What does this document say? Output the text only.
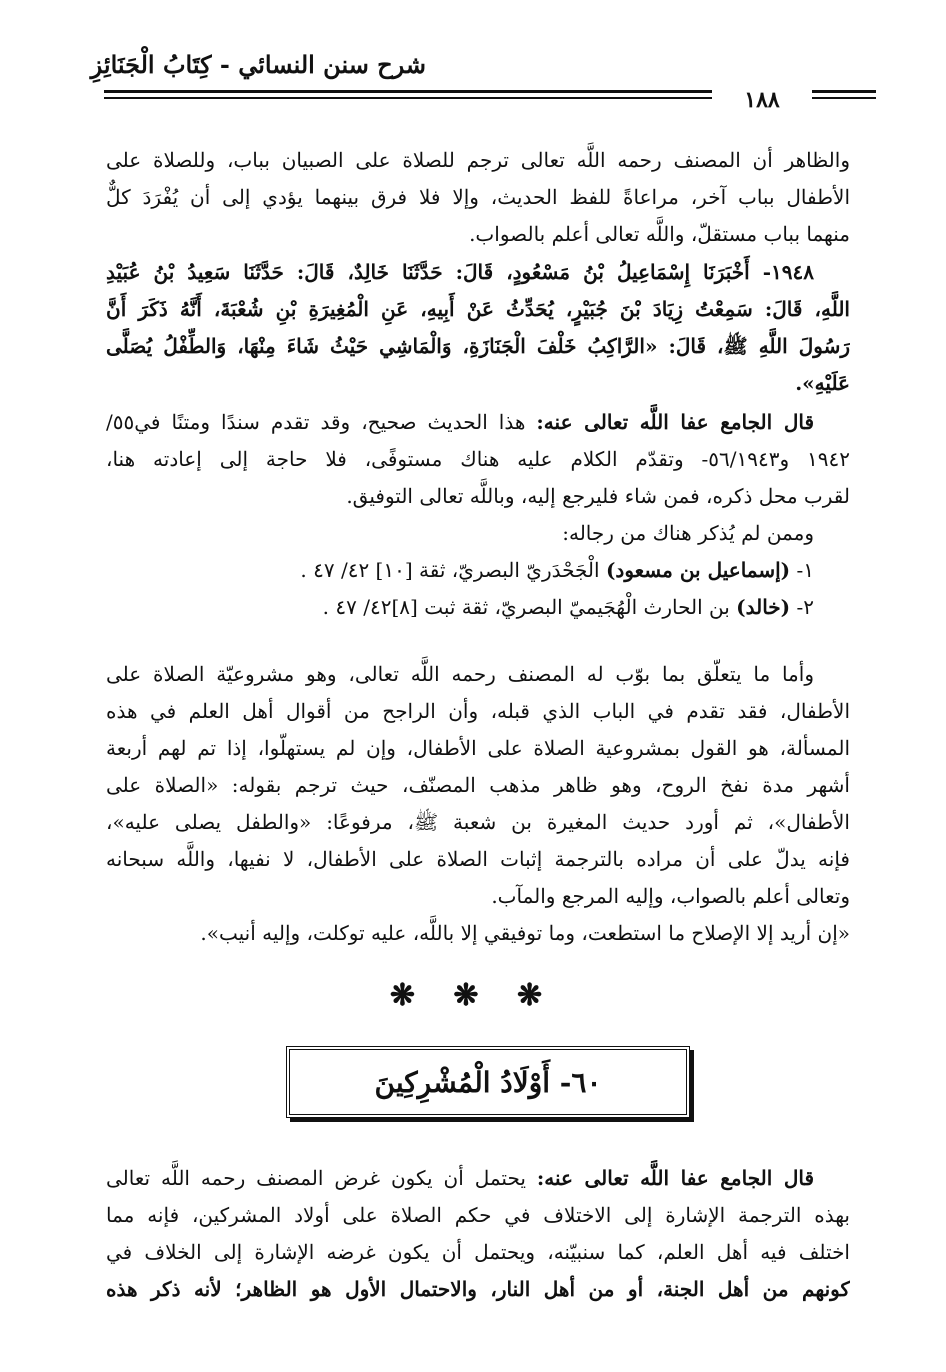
شرح سنن النسائي - كِتَابُ الْجَنَائِزِ
١٨٨
والظاهر أن المصنف رحمه اللَّه تعالى ترجم للصلاة على الصبيان بباب، وللصلاة على
الأطفال بباب آخر، مراعاةً للفظ الحديث، وإلا فلا فرق بينهما يؤدي إلى أن يُفْرَدَ كلٌّ
منهما بباب مستقلّ، واللَّه تعالى أعلم بالصواب.
١٩٤٨- أَخْبَرَنَا إِسْمَاعِيلُ بْنُ مَسْعُودٍ، قَالَ: حَدَّثَنَا خَالِدٌ، قَالَ: حَدَّثَنَا سَعِيدُ بْنُ عُبَيْدِ
اللَّهِ، قَالَ: سَمِعْتُ زِيَادَ بْنَ جُبَيْرٍ، يُحَدِّثُ عَنْ أَبِيهِ، عَنِ الْمُغِيرَةِ بْنِ شُعْبَةَ، أَنَّهُ ذَكَرَ أَنَّ
رَسُولَ اللَّهِ ﷺ، قَالَ: «الرَّاكِبُ خَلْفَ الْجَنَازَةِ، وَالْمَاشِي حَيْثُ شَاءَ مِنْهَا، وَالطِّفْلُ يُصَلَّى
عَلَيْهِ».
قال الجامع عفا اللَّه تعالى عنه: هذا الحديث صحيح، وقد تقدم سندًا ومتنًا في٥٥/
١٩٤٢ و٥٦/١٩٤٣- وتقدّم الكلام عليه هناك مستوفًى، فلا حاجة إلى إعادته هنا،
لقرب محل ذكره، فمن شاء فليرجع إليه، وباللَّه تعالى التوفيق.
وممن لم يُذكر هناك من رجاله:
١- (إسماعيل بن مسعود) الْجَحْدَريّ البصريّ، ثقة [١٠] ٤٢/ ٤٧ .
٢- (خالد) بن الحارث الْهُجَيميّ البصريّ، ثقة ثبت [٨]٤٢/ ٤٧ .
وأما ما يتعلّق بما بوّب له المصنف رحمه اللَّه تعالى، وهو مشروعيّة الصلاة على
الأطفال، فقد تقدم في الباب الذي قبله، وأن الراجح من أقوال أهل العلم في هذه
المسألة، هو القول بمشروعية الصلاة على الأطفال، وإن لم يستهلّوا، إذا تم لهم أربعة
أشهر مدة نفخ الروح، وهو ظاهر مذهب المصنّف، حيث ترجم بقوله: «الصلاة على
الأطفال»، ثم أورد حديث المغيرة بن شعبة ﷺ، مرفوعًا: «والطفل يصلى عليه»،
فإنه يدلّ على أن مراده بالترجمة إثبات الصلاة على الأطفال، لا نفيها، واللَّه سبحانه
وتعالى أعلم بالصواب، وإليه المرجع والمآب.
«إن أريد إلا الإصلاح ما استطعت، وما توفيقي إلا باللَّه، عليه توكلت، وإليه أنيب».
❋ ❋ ❋
٦٠- أَوْلَادُ الْمُشْرِكِينَ
قال الجامع عفا اللَّه تعالى عنه: يحتمل أن يكون غرض المصنف رحمه اللَّه تعالى
بهذه الترجمة الإشارة إلى الاختلاف في حكم الصلاة على أولاد المشركين، فإنه مما
اختلف فيه أهل العلم، كما سنبيّنه، ويحتمل أن يكون غرضه الإشارة إلى الخلاف في
كونهم من أهل الجنة، أو من أهل النار، والاحتمال الأول هو الظاهر؛ لأنه ذكر هذه
